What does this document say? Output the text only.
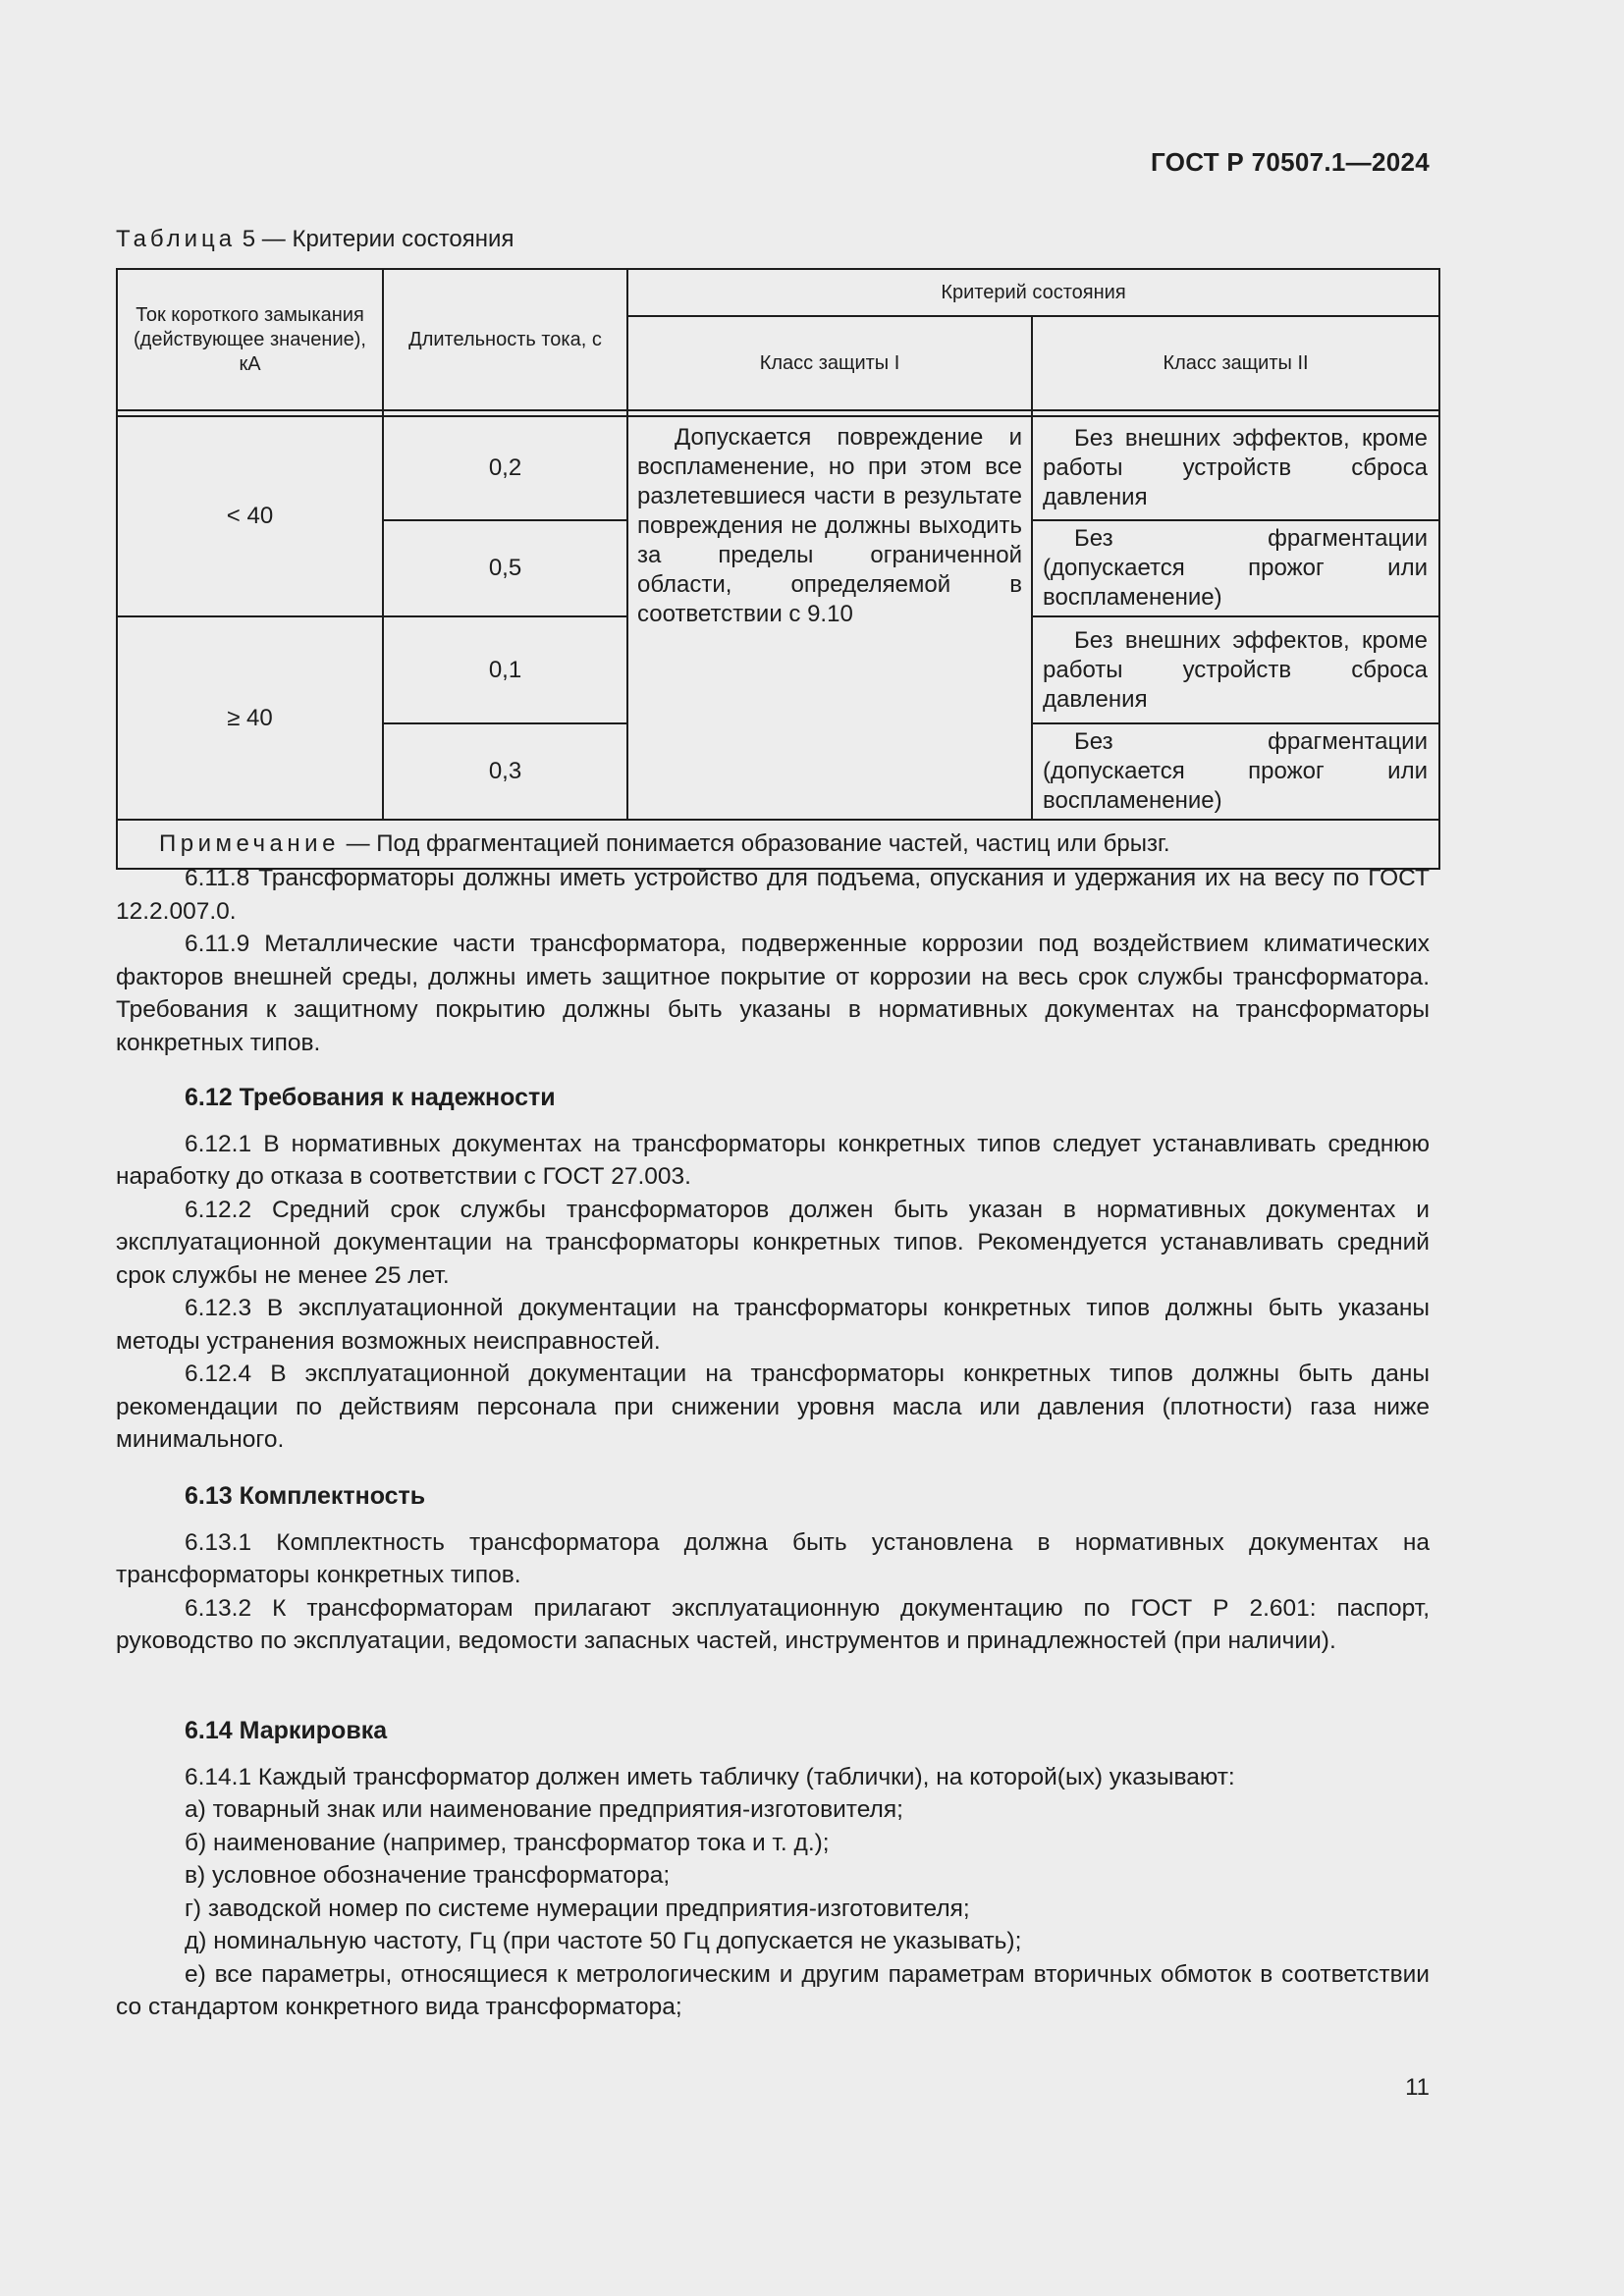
ГОСТ Р 70507.1—2024
Таблица 5 — Критерии состояния
Ток короткого замыкания (действующее значение), кА	Длительность тока, с	Критерий состояния	
		Класс защиты I	Класс защиты II

< 40	0,2	Допускается повреждение и воспламенение, но при этом все разлетевшиеся части в результате повреждения не должны выходить за пределы ограниченной области, определяемой в соответствии с 9.10	Без внешних эффектов, кроме работы устройств сброса давления
	0,5		Без фрагментации (допускается прожог или воспламенение)
≥ 40	0,1		Без внешних эффектов, кроме работы устройств сброса давления
	0,3		Без фрагментации (допускается прожог или воспламенение)
Примечание — Под фрагментацией понимается образование частей, частиц или брызг.			

6.11.8 Трансформаторы должны иметь устройство для подъема, опускания и удержания их на весу по ГОСТ 12.2.007.0.

6.11.9 Металлические части трансформатора, подверженные коррозии под воздействием климатических факторов внешней среды, должны иметь защитное покрытие от коррозии на весь срок службы трансформатора. Требования к защитному покрытию должны быть указаны в нормативных документах на трансформаторы конкретных типов.

6.12 Требования к надежности

6.12.1 В нормативных документах на трансформаторы конкретных типов следует устанавливать среднюю наработку до отказа в соответствии с ГОСТ 27.003.

6.12.2 Средний срок службы трансформаторов должен быть указан в нормативных документах и эксплуатационной документации на трансформаторы конкретных типов. Рекомендуется устанавливать средний срок службы не менее 25 лет.

6.12.3 В эксплуатационной документации на трансформаторы конкретных типов должны быть указаны методы устранения возможных неисправностей.

6.12.4 В эксплуатационной документации на трансформаторы конкретных типов должны быть даны рекомендации по действиям персонала при снижении уровня масла или давления (плотности) газа ниже минимального.

6.13 Комплектность

6.13.1 Комплектность трансформатора должна быть установлена в нормативных документах на трансформаторы конкретных типов.

6.13.2 К трансформаторам прилагают эксплуатационную документацию по ГОСТ Р 2.601: паспорт, руководство по эксплуатации, ведомости запасных частей, инструментов и принадлежностей (при наличии).

6.14 Маркировка

6.14.1 Каждый трансформатор должен иметь табличку (таблички), на которой(ых) указывают:

а) товарный знак или наименование предприятия-изготовителя;

б) наименование (например, трансформатор тока и т. д.);

в) условное обозначение трансформатора;

г) заводской номер по системе нумерации предприятия-изготовителя;

д) номинальную частоту, Гц (при частоте 50 Гц допускается не указывать);

е) все параметры, относящиеся к метрологическим и другим параметрам вторичных обмоток в соответствии со стандартом конкретного вида трансформатора;

11
